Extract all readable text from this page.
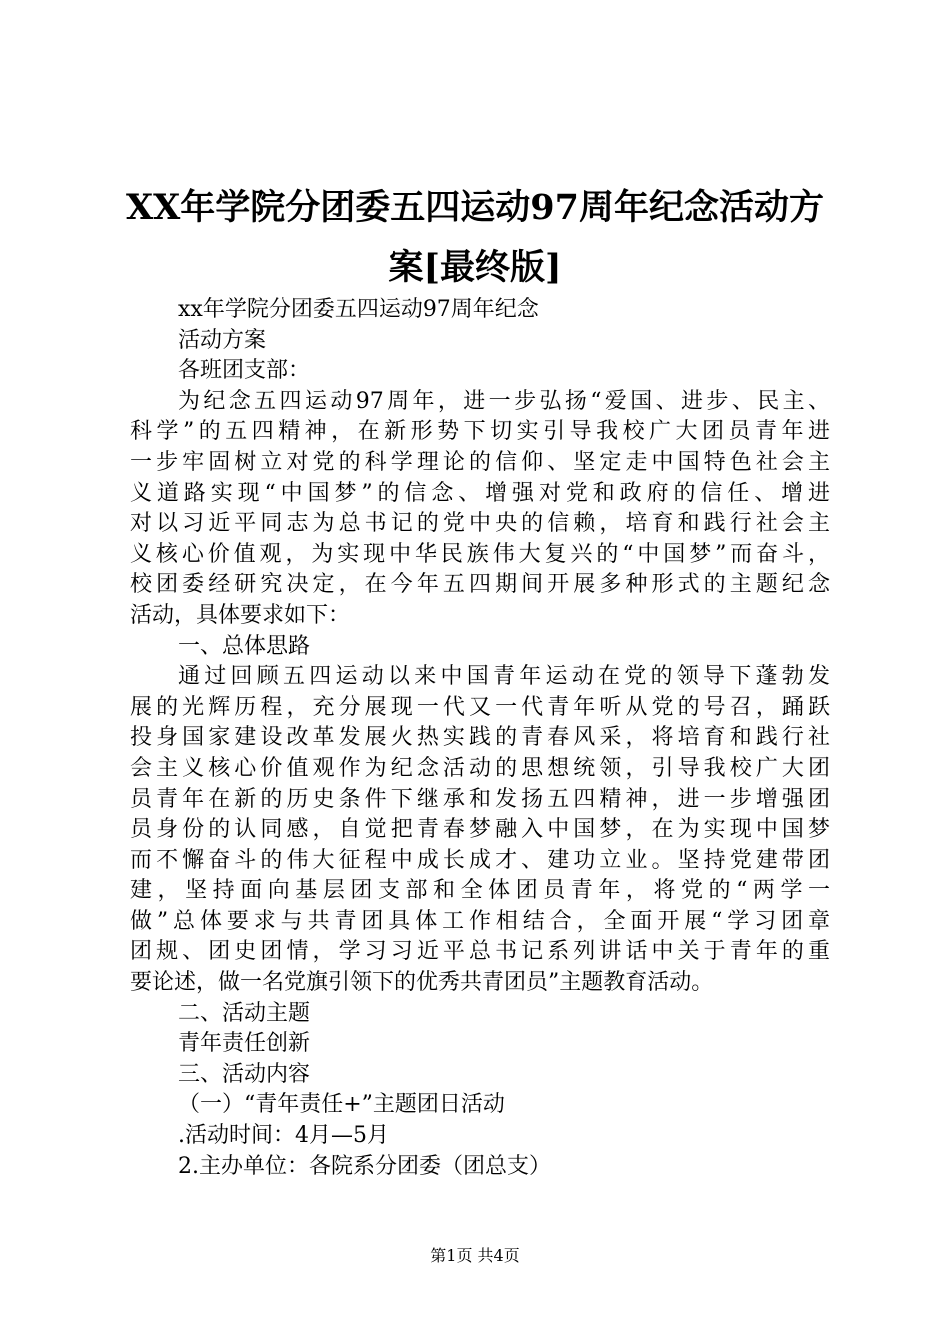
XX年学院分团委五四运动97周年纪念活动方
案[最终版]
xx年学院分团委五四运动97周年纪念
活动方案
各班团支部：
为纪念五四运动97周年，进一步弘扬“爱国、进步、民主、
科学”的五四精神，在新形势下切实引导我校广大团员青年进
一步牢固树立对党的科学理论的信仰、坚定走中国特色社会主
义道路实现“中国梦”的信念、增强对党和政府的信任、增进
对以习近平同志为总书记的党中央的信赖，培育和践行社会主
义核心价值观，为实现中华民族伟大复兴的“中国梦”而奋斗，
校团委经研究决定，在今年五四期间开展多种形式的主题纪念
活动，具体要求如下：
一、总体思路
通过回顾五四运动以来中国青年运动在党的领导下蓬勃发
展的光辉历程，充分展现一代又一代青年听从党的号召，踊跃
投身国家建设改革发展火热实践的青春风采，将培育和践行社
会主义核心价值观作为纪念活动的思想统领，引导我校广大团
员青年在新的历史条件下继承和发扬五四精神，进一步增强团
员身份的认同感，自觉把青春梦融入中国梦，在为实现中国梦
而不懈奋斗的伟大征程中成长成才、建功立业。坚持党建带团
建，坚持面向基层团支部和全体团员青年，将党的“两学一
做”总体要求与共青团具体工作相结合，全面开展“学习团章
团规、团史团情，学习习近平总书记系列讲话中关于青年的重
要论述，做一名党旗引领下的优秀共青团员”主题教育活动。
二、活动主题
青年责任创新
三、活动内容
（一）“青年责任+”主题团日活动
.活动时间：4月—5月
2.主办单位：各院系分团委（团总支）
第1页 共4页
